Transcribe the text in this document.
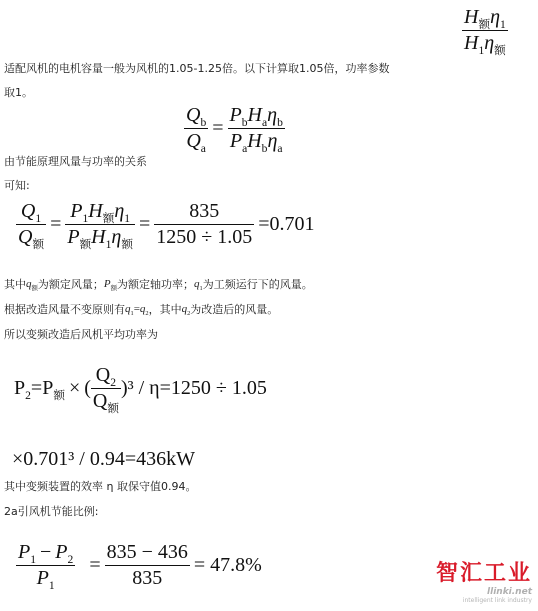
$\frac{H_额\eta_1}{H_1\eta_额}$
适配风机的电机容量一般为风机的1.05-1.25倍。以下计算取1.05倍，功率参数
取1。
$\frac{Q_b}{Q_a} = \frac{P_bH_a\eta_b}{P_aH_b\eta_a}$
由节能原理风量与功率的关系
可知:
$\frac{Q_1}{Q_额} = \frac{P_1H_额\eta_1}{P_额H_1\eta_额} = \frac{835}{1250 \div 1.05} =0.701$
其中 $q_额$ 为额定风量； $P_额$ 为额定轴功率； $q_1$ 为工频运行下的风量。
根据改造风量不变原则有 $q_1=q_2$ ，其中 $q_2$ 为改造后的风量。
所以变频改造后风机平均功率为
$P_2 = P_额$ × ( $\frac{Q_2}{Q_额} )^3 / \eta=1250 \div 1.05$
×0.701³ / 0.94=436kW
其中变频装置的效率 η 取保守值0.94。
2a引风机节能比例:
$\frac{P_1 - P_2}{P_1} = \frac{835 - 436}{835} = 47.8\%$	智汇工业
llinki.net
intelligent link industry
